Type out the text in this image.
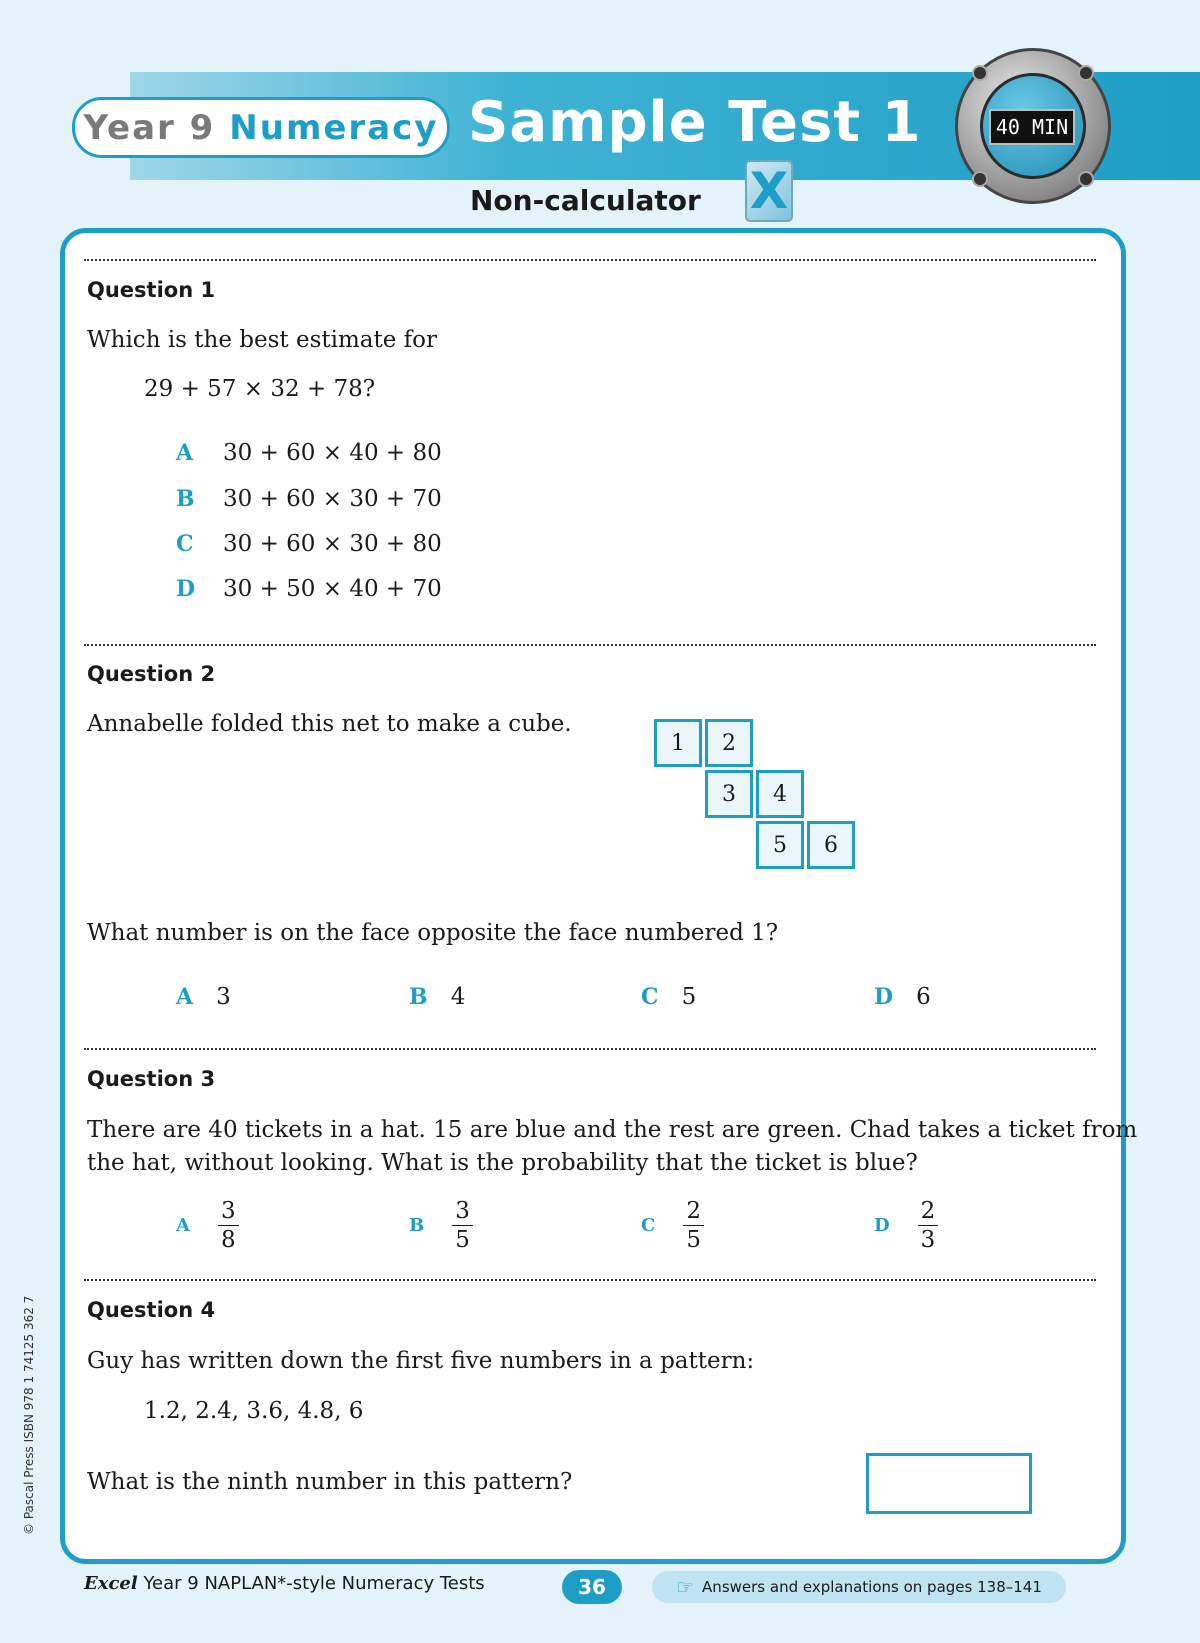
Year 9 Numeracy Sample Test 1
Non-calculator X
40 MIN
Question 1
Which is the best estimate for
29 + 57 × 32 + 78?
A 30 + 60 × 40 + 80
B 30 + 60 × 30 + 70
C 30 + 60 × 30 + 80
D 30 + 50 × 40 + 70
Question 2
Annabelle folded this net to make a cube.
1	2
3	4
5	6
What number is on the face opposite the face numbered 1?
A 3	B 4	C 5	D 6
Question 3
There are 40 tickets in a hat. 15 are blue and the rest are green. Chad takes a ticket from
the hat, without looking. What is the probability that the ticket is blue?
A $\frac{3}{8}$	B $\frac{3}{5}$	C $\frac{2}{5}$	D $\frac{2}{3}$
Question 4
Guy has written down the first five numbers in a pattern:
1.2, 2.4, 3.6, 4.8, 6
What is the ninth number in this pattern?
© Pascal Press ISBN 978 1 74125 362 7
Excel Year 9 NAPLAN*-style Numeracy Tests	36	☞ Answers and explanations on pages 138–141
